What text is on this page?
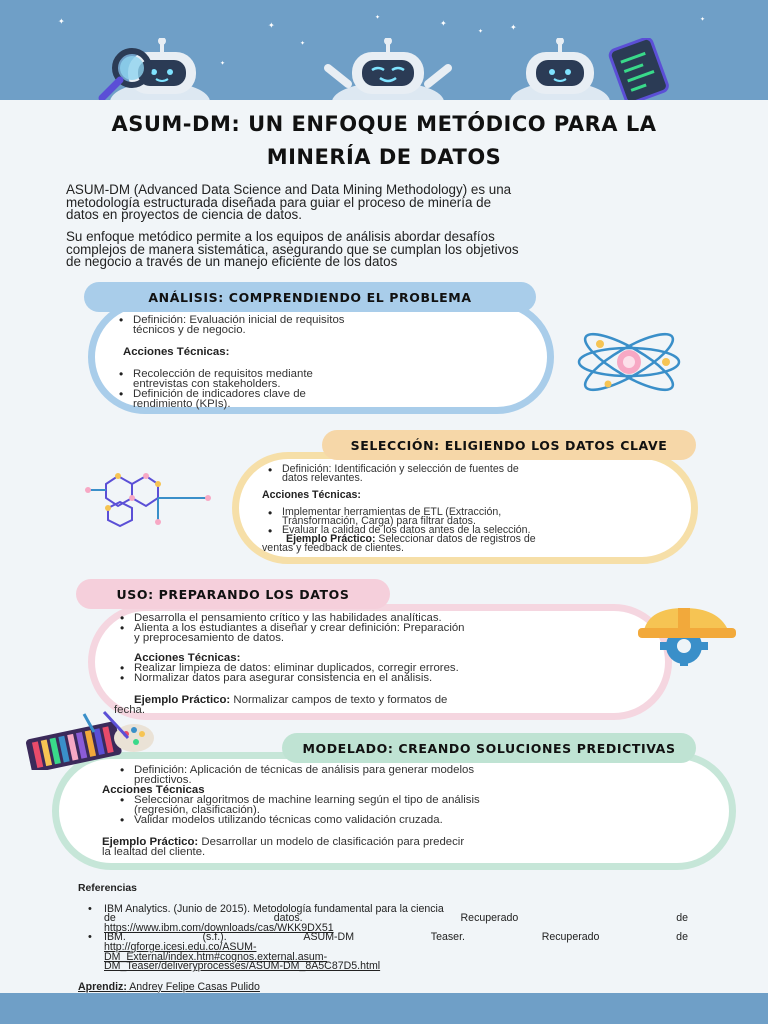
✦	✦
✦
✦
✦
✦	✦
✦
✦
ASUM-DM: UN ENFOQUE METÓDICO PARA LA
MINERÍA DE DATOS
ASUM-DM (Advanced Data Science and Data Mining Methodology) es una
metodología estructurada diseñada para guiar el proceso de minería de
datos en proyectos de ciencia de datos.
Su enfoque metódico permite a los equipos de análisis abordar desafíos
complejos de manera sistemática, asegurando que se cumplan los objetivos
de negocio a través de un manejo eficiente de los datos
ANÁLISIS: COMPRENDIENDO EL PROBLEMA
• Definición: Evaluación inicial de requisitos
técnicos y de negocio.
Acciones Técnicas:
• Recolección de requisitos mediante
entrevistas con stakeholders.
• Definición de indicadores clave de
rendimiento (KPIs).
SELECCIÓN: ELIGIENDO LOS DATOS CLAVE
• Definición: Identificación y selección de fuentes de
datos relevantes.
Acciones Técnicas:
• Implementar herramientas de ETL (Extracción,
Transformación, Carga) para filtrar datos.
• Evaluar la calidad de los datos antes de la selección.
Ejemplo Práctico: Seleccionar datos de registros de
ventas y feedback de clientes.
USO: PREPARANDO LOS DATOS
• Desarrolla el pensamiento crítico y las habilidades analíticas.
• Alienta a los estudiantes a diseñar y crear definición: Preparación
y preprocesamiento de datos.
Acciones Técnicas:
• Realizar limpieza de datos: eliminar duplicados, corregir errores.
• Normalizar datos para asegurar consistencia en el análisis.
Ejemplo Práctico: Normalizar campos de texto y formatos de
fecha.
MODELADO: CREANDO SOLUCIONES PREDICTIVAS
• Definición: Aplicación de técnicas de análisis para generar modelos
predictivos.
Acciones Técnicas
• Seleccionar algoritmos de machine learning según el tipo de análisis
(regresión, clasificación).
• Validar modelos utilizando técnicas como validación cruzada.
Ejemplo Práctico: Desarrollar un modelo de clasificación para predecir
la lealtad del cliente.
Referencias
• IBM Analytics. (Junio de 2015). Metodología fundamental para la ciencia

de	datos.	Recuperado	de
https://www.ibm.com/downloads/cas/WKK9DX51
• IBM.	(s.f.).	ASUM-DM	Teaser.	Recuperado	de
http://gforge.icesi.edu.co/ASUM-
DM_External/index.htm#cognos.external.asum-
DM_Teaser/deliveryprocesses/ASUM-DM_8A5C87D5.html
Aprendiz: Andrey Felipe Casas Pulido
